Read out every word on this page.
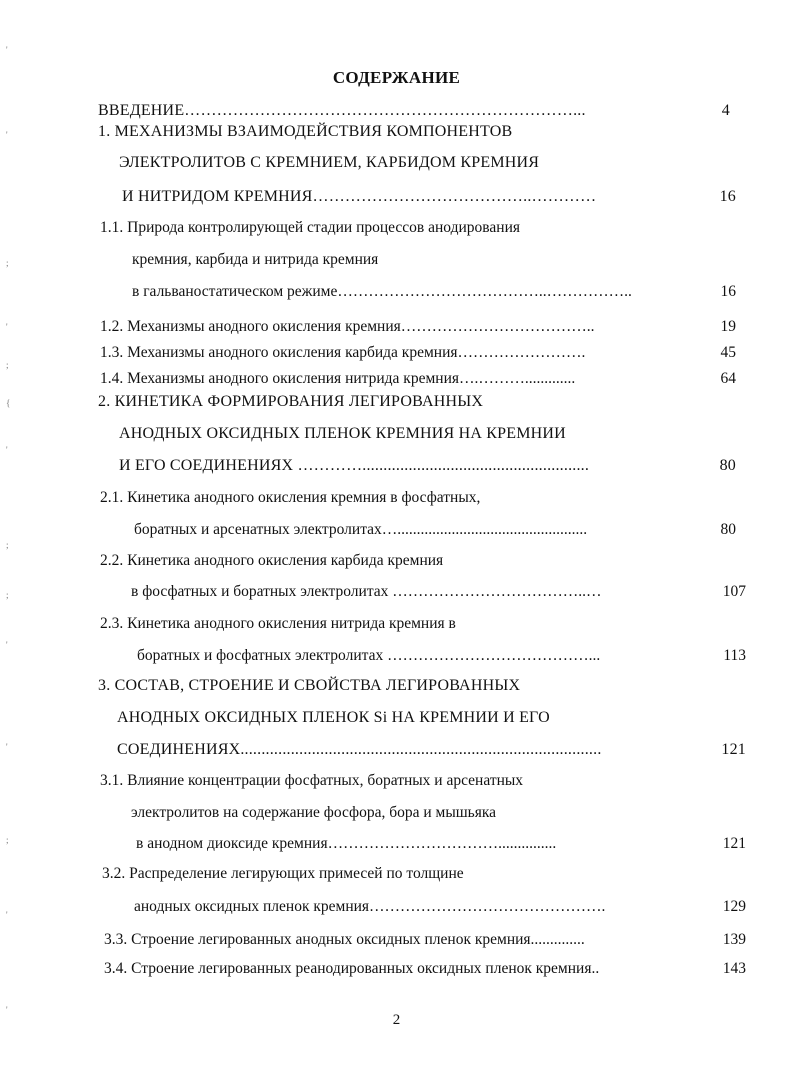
СОДЕРЖАНИЕ
ВВЕДЕНИЕ………………………………………………………………...	4
1. МЕХАНИЗМЫ ВЗАИМОДЕЙСТВИЯ КОМПОНЕНТОВ
ЭЛЕКТРОЛИТОВ С КРЕМНИЕМ, КАРБИДОМ КРЕМНИЯ
И НИТРИДОМ КРЕМНИЯ…………………………………..…………	16
1.1. Природа контролирующей стадии процессов анодирования
кремния, карбида и нитрида кремния
в гальваностатическом режиме…………………………………..……………..	16
1.2. Механизмы анодного окисления кремния………………………………..	19
1.3. Механизмы анодного окисления карбида кремния…………………….	45
1.4. Механизмы анодного окисления нитрида кремния….……….............	64
2. КИНЕТИКА ФОРМИРОВАНИЯ ЛЕГИРОВАННЫХ
АНОДНЫХ ОКСИДНЫХ ПЛЕНОК КРЕМНИЯ НА КРЕМНИИ
И ЕГО СОЕДИНЕНИЯХ …………......................................................	80
2.1. Кинетика анодного окисления кремния в фосфатных,
боратных и арсенатных электролитах….................................................	80
2.2. Кинетика анодного окисления карбида кремния
в фосфатных и боратных электролитах ………………………………..…	107
2.3. Кинетика анодного окисления нитрида кремния в
боратных и фосфатных электролитах …………………………………...	113
3. СОСТАВ, СТРОЕНИЕ И СВОЙСТВА ЛЕГИРОВАННЫХ
АНОДНЫХ ОКСИДНЫХ ПЛЕНОК Si НА КРЕМНИИ И ЕГО
СОЕДИНЕНИЯХ......................................................................................	121
3.1. Влияние концентрации фосфатных, боратных и арсенатных
электролитов на содержание фосфора, бора и мышьяка
в анодном диоксиде кремния……………………………...............	121
3.2. Распределение легирующих примесей по толщине
анодных оксидных пленок кремния……………………………………….	129
3.3. Строение легированных анодных оксидных пленок кремния..............	139
3.4. Строение легированных реанодированных оксидных пленок кремния..	143
2
'
'
;
'
;
{
'
;
;
'
'
;
'
'
